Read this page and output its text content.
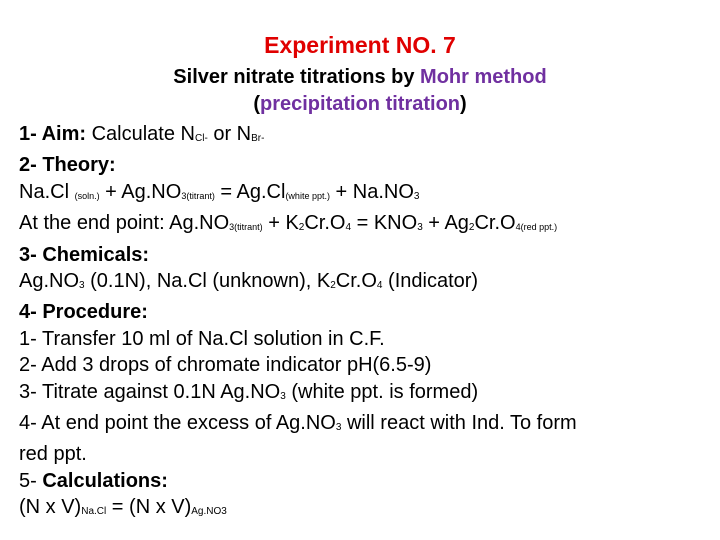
Experiment NO. 7
Silver nitrate titrations by Mohr method
(precipitation titration)
1- Aim: Calculate NCl- or NBr-
2- Theory:
Na.Cl (soln.) + Ag.NO3(titrant) = Ag.Cl(white ppt.) + Na.NO3
At the end point: Ag.NO3(titrant) + K2Cr.O4 = KNO3 + Ag2Cr.O4(red ppt.)
3- Chemicals:
Ag.NO3 (0.1N), Na.Cl (unknown), K2Cr.O4 (Indicator)
4- Procedure:
1- Transfer 10 ml of Na.Cl solution in C.F.
2- Add 3 drops of chromate indicator pH(6.5-9)
3- Titrate against 0.1N Ag.NO3 (white ppt. is formed)
4- At end point the excess of Ag.NO3 will react with Ind. To form
red ppt.
5- Calculations:
(N x V)Na.Cl = (N x V)Ag.NO3
